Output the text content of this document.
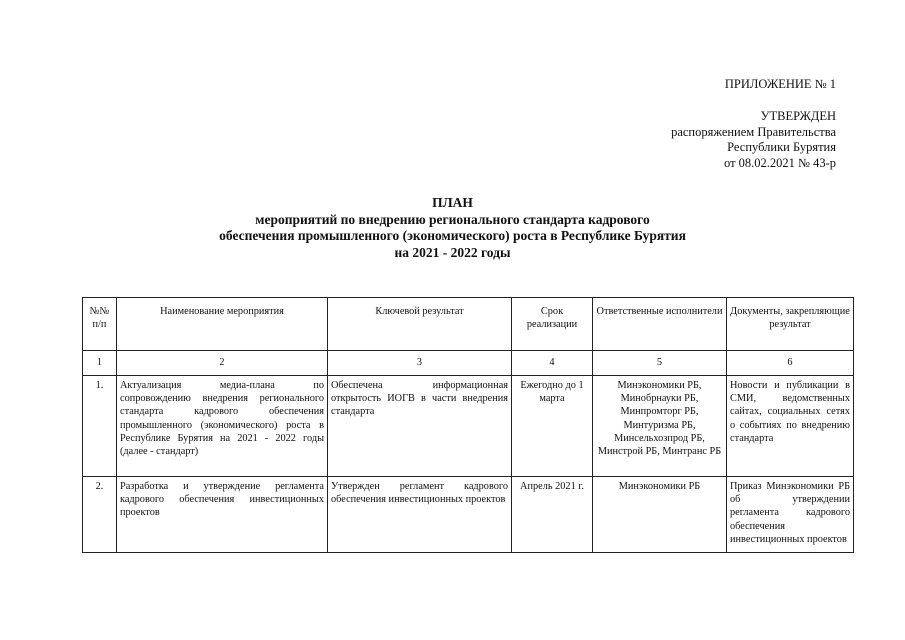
ПРИЛОЖЕНИЕ № 1
УТВЕРЖДЕН
распоряжением Правительства
Республики Бурятия
от 08.02.2021 № 43-р
ПЛАН
мероприятий по внедрению регионального стандарта кадрового
обеспечения промышленного (экономического) роста в Республике Бурятия
на 2021 - 2022 годы
№№ п/п	Наименование мероприятия	Ключевой результат	Срок реализации	Ответственные исполнители	Документы, закрепляющие результат
1	2	3	4	5	6
1.	Актуализация медиа-плана по сопровождению внедрения регионального стандарта кадрового обеспечения промышленного (экономического) роста в Республике Бурятия на 2021 - 2022 годы (далее - стандарт)	Обеспечена информационная открытость ИОГВ в части внедрения стандарта	Ежегодно до 1 марта	Минэкономики РБ, Минобрнауки РБ, Минпромторг РБ, Минтуризма РБ, Минсельхозпрод РБ, Минстрой РБ, Минтранс РБ	Новости и публикации в СМИ, ведомственных сайтах, социальных сетях о событиях по внедрению стандарта
2.	Разработка и утверждение регламента кадрового обеспечения инвестиционных проектов	Утвержден регламент кадрового обеспечения инвестиционных проектов	Апрель 2021 г.	Минэкономики РБ	Приказ Минэкономики РБ об утверждении регламента кадрового обеспечения инвестиционных проектов
